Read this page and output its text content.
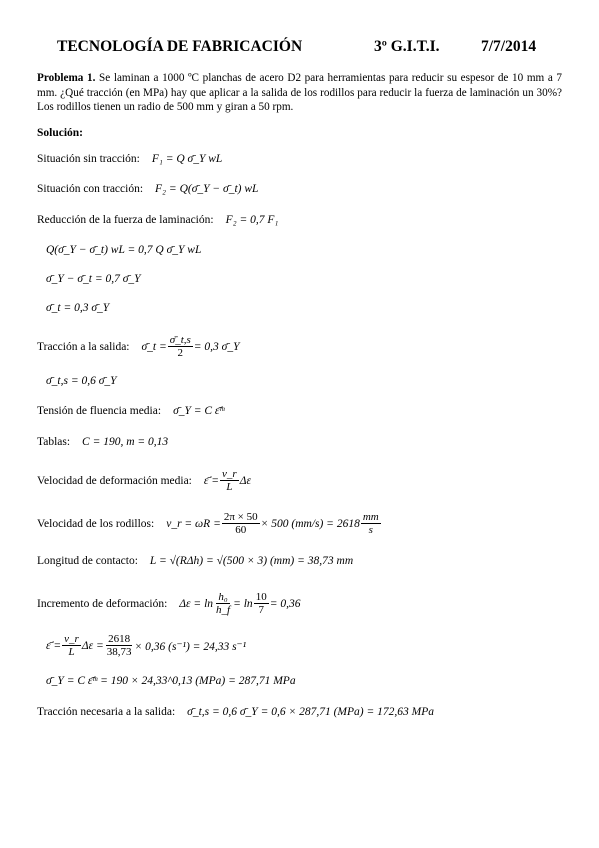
TECNOLOGÍA DE FABRICACIÓN	3º G.I.T.I.	7/7/2014
Problema 1. Se laminan a 1000 ºC planchas de acero D2 para herramientas para reducir su espesor de 10 mm a 7 mm. ¿Qué tracción (en MPa) hay que aplicar a la salida de los rodillos para reducir la fuerza de laminación un 30%? Los rodillos tienen un radio de 500 mm y giran a 50 rpm.
Solución:
Situación sin tracción: F₁ = Q σ̄_Y wL
Situación con tracción: F₂ = Q(σ̄_Y − σ̄_t) wL
Reducción de la fuerza de laminación: F₂ = 0,7 F₁
Q(σ̄_Y − σ̄_t) wL = 0,7 Q σ̄_Y wL
σ̄_Y − σ̄_t = 0,7 σ̄_Y
σ̄_t = 0,3 σ̄_Y
Tracción a la salida: σ̄_t = $\frac{\sigmā\_t,s}{2} = 0,3$ σ̄_Y
σ̄_t,s = 0,6 σ̄_Y
Tensión de fluencia media: σ̄_Y = C ε̄̇ᵐ
Tablas: C = 190, m = 0,13
Velocidad de deformación media: ε̄̇ = $\frac{v\_r}{L}$ Δε
Velocidad de los rodillos: v_r = $\omega R = \frac{2\pi \times 50}{60} \times 500$ $(mm/s) = 2618 \frac{mm}{s}$
Longitud de contacto: L = √(RΔh) = √(500 × 3) (mm) = 38,73 mm
Incremento de deformación: $\Delta\varepsilon = \ln \frac{\text{h₀}}{h\_f} = \ln \frac{10}{7} = 0,36$
ε̄̇ = $\frac{v\_r}{L}$ $\Delta\varepsilon = \frac{2618}{38,73} \times 0,36$ (s⁻¹) = 24,33 s⁻¹
σ̄_Y = C ε̄̇ᵐ = 190 × 24,33^0,13 (MPa) = 287,71 MPa
Tracción necesaria a la salida: σ̄_t,s = 0,6 σ̄_Y = 0,6 × 287,71 (MPa) = 172,63 MPa
